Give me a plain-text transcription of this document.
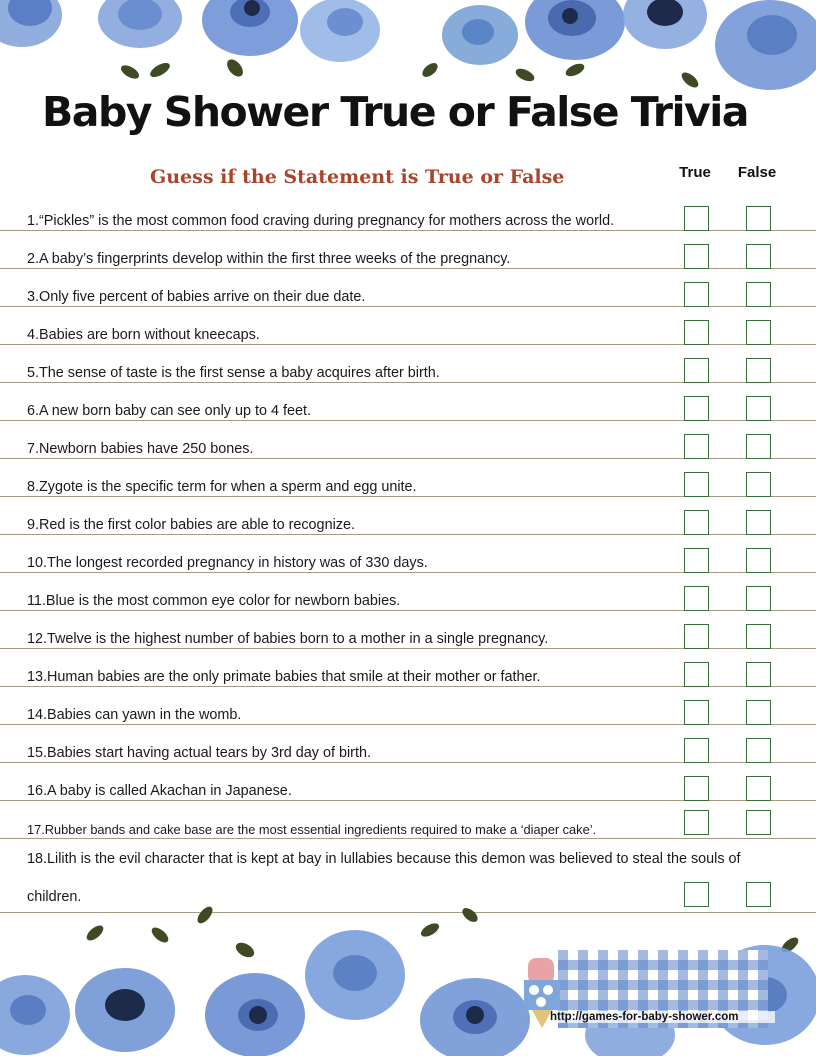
Baby Shower True or False Trivia
Guess if the Statement is True or False	True	False
1.“Pickles” is the most common food craving during pregnancy for mothers across the world.
2.A baby’s fingerprints develop within the first three weeks of the pregnancy.
3.Only five percent of babies arrive on their due date.
4.Babies are born without kneecaps.
5.The sense of taste is the first sense a baby acquires after birth.
6.A new born baby can see only up to 4 feet.
7.Newborn babies have 250 bones.
8.Zygote is the specific term for when a sperm and egg unite.
9.Red is the first color babies are able to recognize.
10.The longest recorded pregnancy in history was of 330 days.
11.Blue is the most common eye color for newborn babies.
12.Twelve is the highest number of babies born to a mother in a single pregnancy.
13.Human babies are the only primate babies that smile at their mother or father.
14.Babies can yawn in the womb.
15.Babies start having actual tears by 3rd day of birth.
16.A baby is called Akachan in Japanese.
17.Rubber bands and cake base are the most essential ingredients required to make a ‘diaper cake’.
18.Lilith is the evil character that is kept at bay in lullabies because this demon was believed to steal the souls of children.
http://games-for-baby-shower.com
